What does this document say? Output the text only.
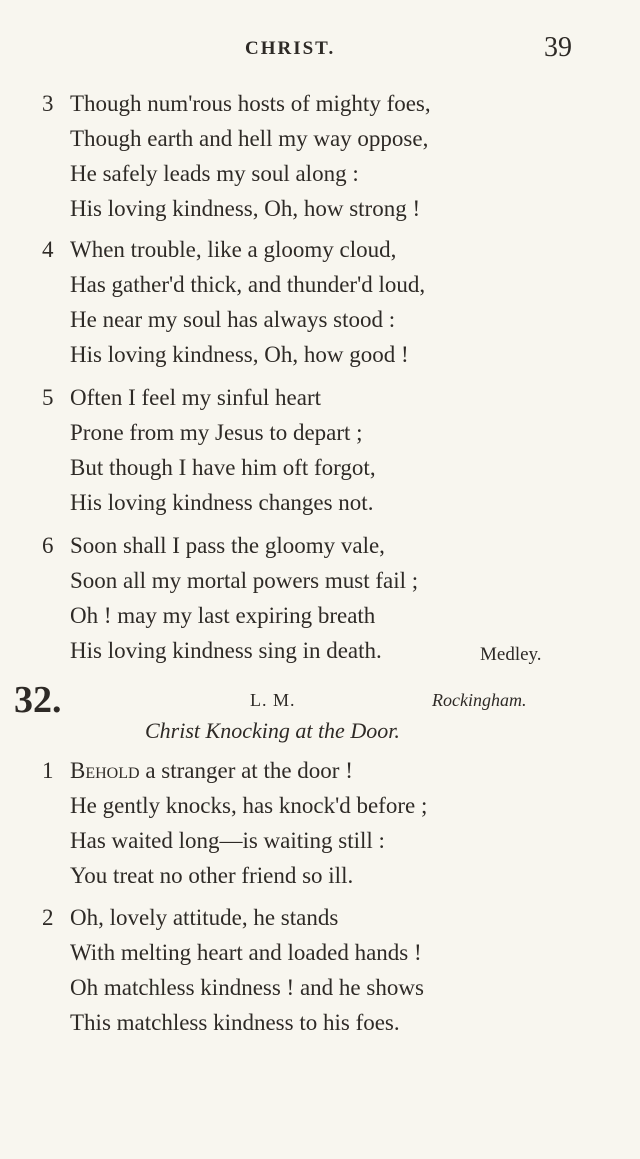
CHRIST.	39
3 Though num'rous hosts of mighty foes,
Though earth and hell my way oppose,
He safely leads my soul along :
His loving kindness, Oh, how strong !
4 When trouble, like a gloomy cloud,
Has gather'd thick, and thunder'd loud,
He near my soul has always stood :
His loving kindness, Oh, how good !
5 Often I feel my sinful heart
Prone from my Jesus to depart ;
But though I have him oft forgot,
His loving kindness changes not.
6 Soon shall I pass the gloomy vale,
Soon all my mortal powers must fail ;
Oh ! may my last expiring breath
His loving kindness sing in death.	Medley.
32.	L. M.	Rockingham.
Christ Knocking at the Door.
1 Behold a stranger at the door !
He gently knocks, has knock'd before ;
Has waited long—is waiting still :
You treat no other friend so ill.
2 Oh, lovely attitude, he stands
With melting heart and loaded hands !
Oh matchless kindness ! and he shows
This matchless kindness to his foes.
